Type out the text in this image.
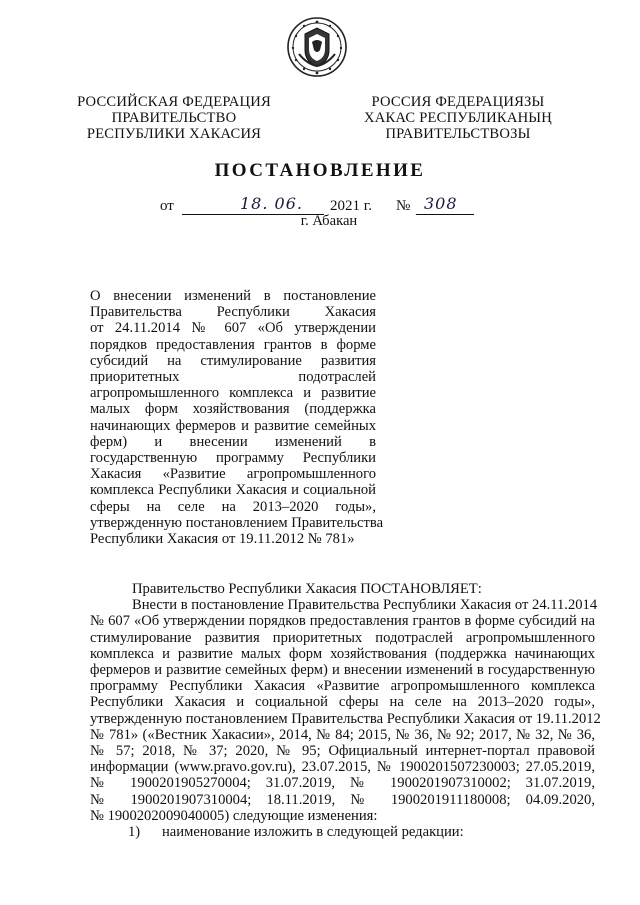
РОССИЙСКАЯ ФЕДЕРАЦИЯ
ПРАВИТЕЛЬСТВО
РЕСПУБЛИКИ ХАКАСИЯ
РОССИЯ ФЕДЕРАЦИЯЗЫ
ХАКАС РЕСПУБЛИКАНЫҢ
ПРАВИТЕЛЬСТВОЗЫ
ПОСТАНОВЛЕНИЕ
от	18. 06. 2021 г. № 308
г. Абакан
О внесении изменений в постановление
Правительства Республики Хакасия
от 24.11.2014 № 607 «Об утверждении
порядков предоставления грантов в форме
субсидий на стимулирование развития
приоритетных подотраслей
агропромышленного комплекса и развитие
малых форм хозяйствования (поддержка
начинающих фермеров и развитие семейных
ферм) и внесении изменений в
государственную программу Республики
Хакасия «Развитие агропромышленного
комплекса Республики Хакасия и социальной
сферы на селе на 2013–2020 годы»,
утвержденную постановлением Правительства
Республики Хакасия от 19.11.2012 № 781»
Правительство Республики Хакасия ПОСТАНОВЛЯЕТ:
Внести в постановление Правительства Республики Хакасия от 24.11.2014
№ 607 «Об утверждении порядков предоставления грантов в форме субсидий на
стимулирование развития приоритетных подотраслей агропромышленного
комплекса и развитие малых форм хозяйствования (поддержка начинающих
фермеров и развитие семейных ферм) и внесении изменений в государственную
программу Республики Хакасия «Развитие агропромышленного комплекса
Республики Хакасия и социальной сферы на селе на 2013–2020 годы»,
утвержденную постановлением Правительства Республики Хакасия от 19.11.2012
№ 781» («Вестник Хакасии», 2014, № 84; 2015, № 36, № 92; 2017, № 32, № 36,
№ 57; 2018, № 37; 2020, № 95; Официальный интернет-портал правовой
информации (www.pravo.gov.ru), 23.07.2015, № 1900201507230003; 27.05.2019,
№ 1900201905270004; 31.07.2019, № 1900201907310002; 31.07.2019,
№ 1900201907310004; 18.11.2019, № 1900201911180008; 04.09.2020,
№ 1900202009040005) следующие изменения:
1) наименование изложить в следующей редакции:
